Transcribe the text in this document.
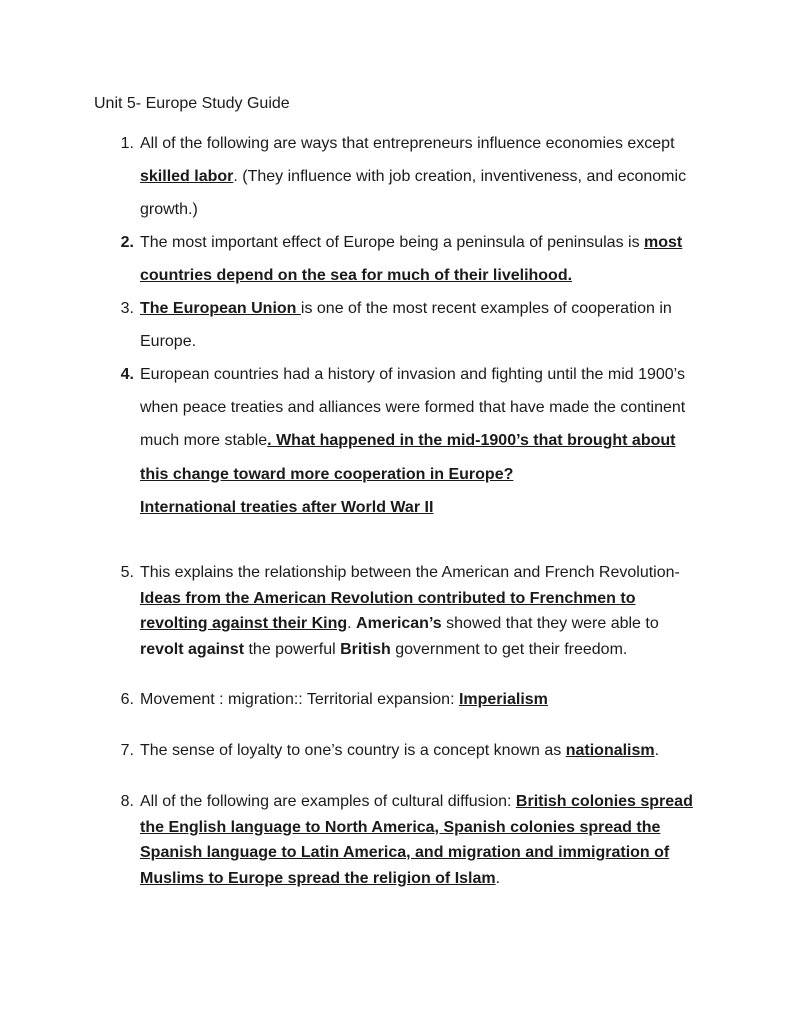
Unit 5- Europe Study Guide
1. All of the following are ways that entrepreneurs influence economies except skilled labor. (They influence with job creation, inventiveness, and economic growth.)
2. The most important effect of Europe being a peninsula of peninsulas is most countries depend on the sea for much of their livelihood.
3. The European Union is one of the most recent examples of cooperation in Europe.
4. European countries had a history of invasion and fighting until the mid 1900’s when peace treaties and alliances were formed that have made the continent much more stable. What happened in the mid-1900’s that brought about this change toward more cooperation in Europe?
International treaties after World War II
5. This explains the relationship between the American and French Revolution- Ideas from the American Revolution contributed to Frenchmen to revolting against their King. American’s showed that they were able to revolt against the powerful British government to get their freedom.
6. Movement : migration:: Territorial expansion: Imperialism
7. The sense of loyalty to one’s country is a concept known as nationalism.
8. All of the following are examples of cultural diffusion: British colonies spread the English language to North America, Spanish colonies spread the Spanish language to Latin America, and migration and immigration of Muslims to Europe spread the religion of Islam.
